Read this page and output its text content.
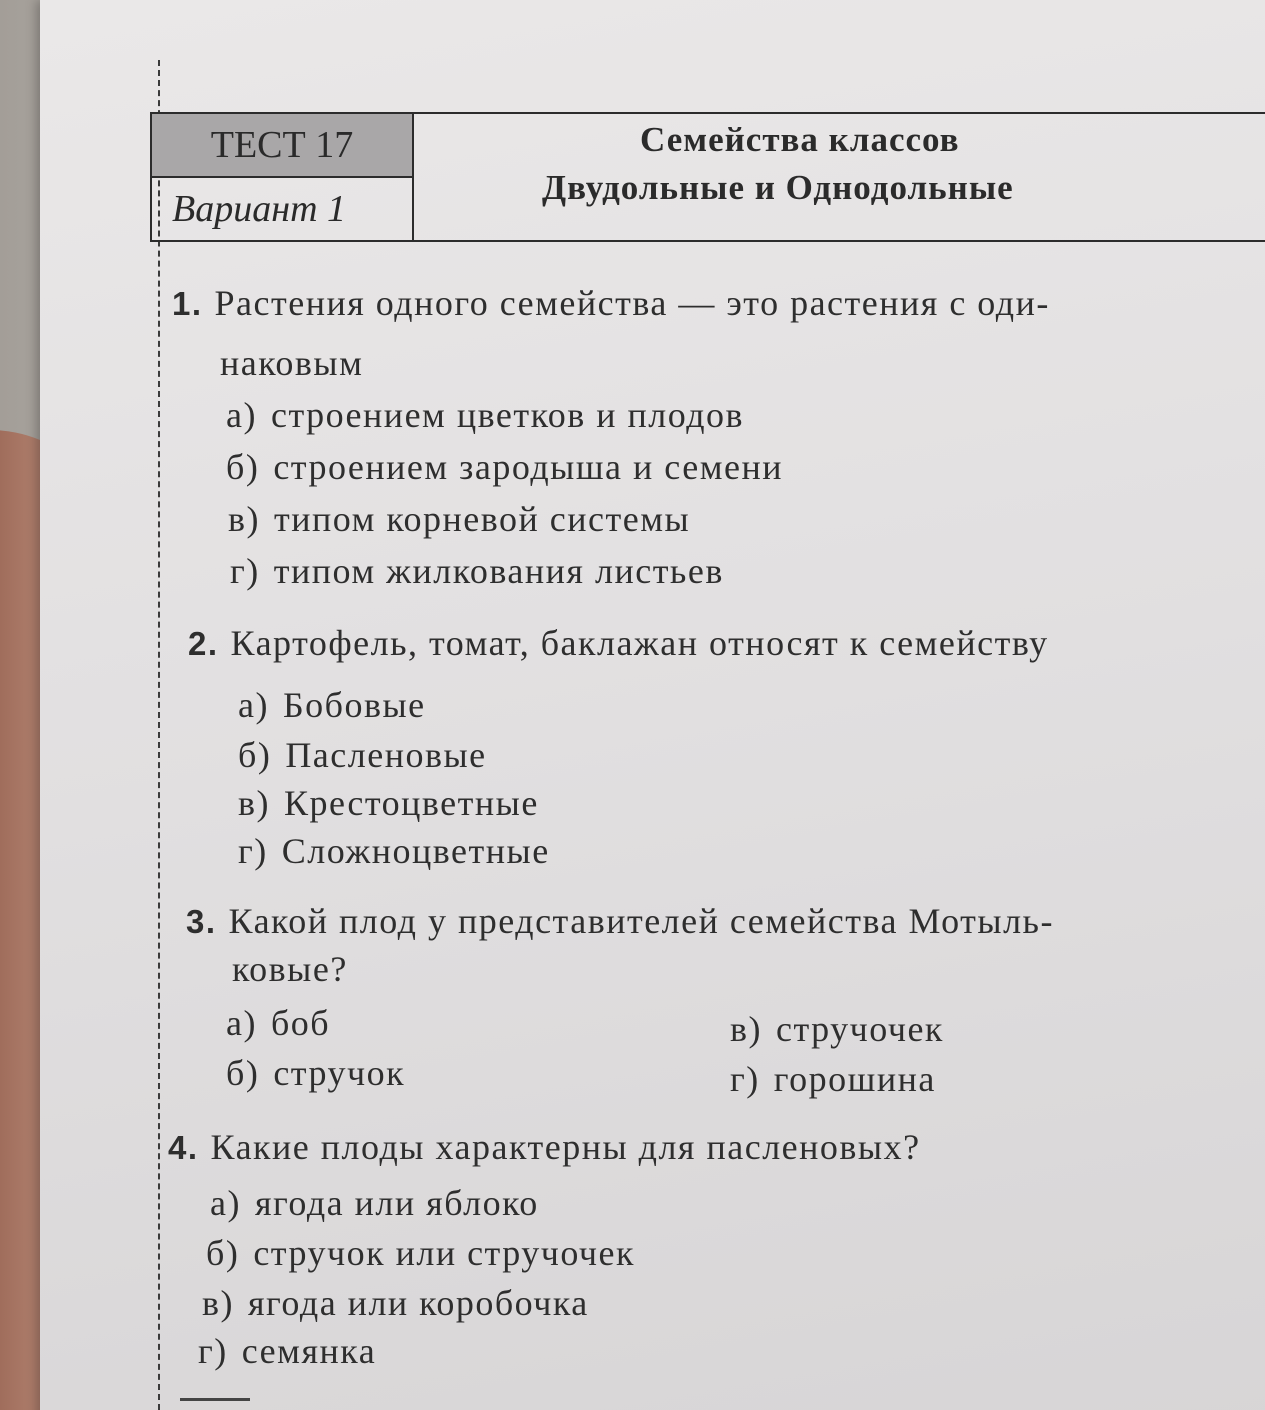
ТЕСТ 17
Вариант 1
Семейства классов
Двудольные и Однодольные
1. Растения одного семейства — это растения с оди-
наковым
а) строением цветков и плодов
б) строением зародыша и семени
в) типом корневой системы
г) типом жилкования листьев
2. Картофель, томат, баклажан относят к семейству
а) Бобовые
б) Пасленовые
в) Крестоцветные
г) Сложноцветные
3. Какой плод у представителей семейства Мотыль-
ковые?
а) боб
б) стручок
в) стручочек
г) горошина
4. Какие плоды характерны для пасленовых?
а) ягода или яблоко
б) стручок или стручочек
в) ягода или коробочка
г) семянка
